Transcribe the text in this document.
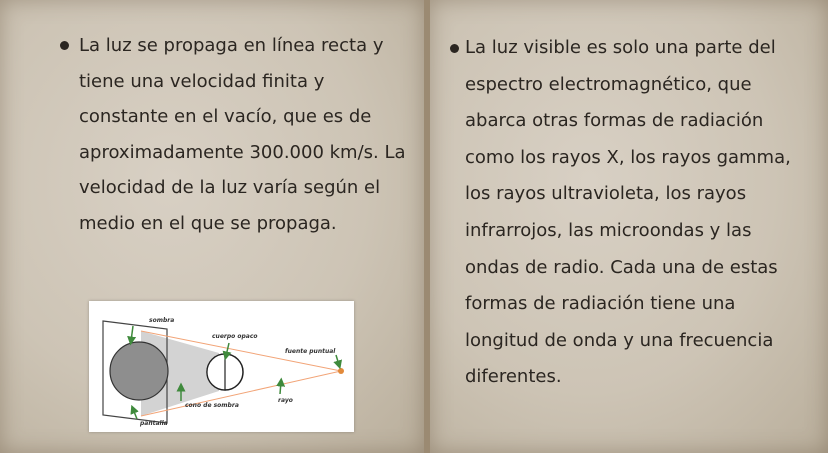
La luz se propaga en línea recta y tiene una velocidad finita y constante en el vacío, que es de aproximadamente 300.000 km/s. La velocidad de la luz varía según el medio en el que se propaga.

La luz visible es solo una parte del espectro electromagnético, que abarca otras formas de radiación como los rayos X, los rayos gamma, los rayos ultravioleta, los rayos infrarrojos, las microondas y las ondas de radio. Cada una de estas formas de radiación tiene una longitud de onda y una frecuencia diferentes.

sombra
cuerpo opaco
fuente puntual
rayo
cono de sombra
pantalla
